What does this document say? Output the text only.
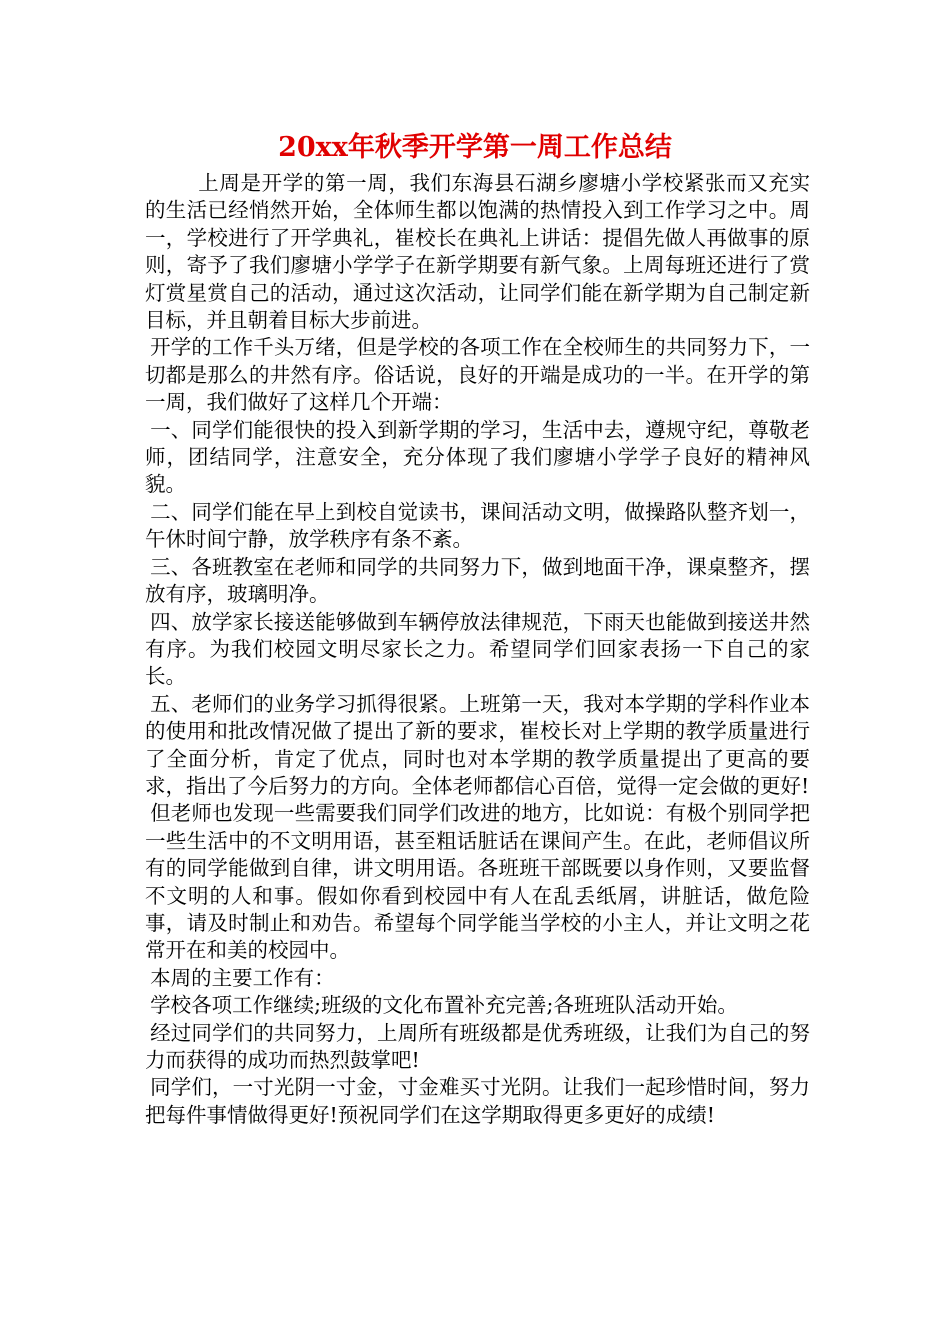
20xx年秋季开学第一周工作总结

上周是开学的第一周，我们东海县石湖乡廖塘小学校紧张而又充实的生活已经悄然开始，全体师生都以饱满的热情投入到工作学习之中。周一，学校进行了开学典礼，崔校长在典礼上讲话：提倡先做人再做事的原则，寄予了我们廖塘小学学子在新学期要有新气象。上周每班还进行了赏灯赏星赏自己的活动，通过这次活动，让同学们能在新学期为自己制定新目标，并且朝着目标大步前进。

开学的工作千头万绪，但是学校的各项工作在全校师生的共同努力下，一切都是那么的井然有序。俗话说，良好的开端是成功的一半。在开学的第一周，我们做好了这样几个开端：

一、同学们能很快的投入到新学期的学习，生活中去，遵规守纪，尊敬老师，团结同学，注意安全，充分体现了我们廖塘小学学子良好的精神风貌。

二、同学们能在早上到校自觉读书，课间活动文明，做操路队整齐划一，午休时间宁静，放学秩序有条不紊。

三、各班教室在老师和同学的共同努力下，做到地面干净，课桌整齐，摆放有序，玻璃明净。

四、放学家长接送能够做到车辆停放法律规范，下雨天也能做到接送井然有序。为我们校园文明尽家长之力。希望同学们回家表扬一下自己的家长。

五、老师们的业务学习抓得很紧。上班第一天，我对本学期的学科作业本的使用和批改情况做了提出了新的要求，崔校长对上学期的教学质量进行了全面分析，肯定了优点，同时也对本学期的教学质量提出了更高的要求，指出了今后努力的方向。全体老师都信心百倍，觉得一定会做的更好!

但老师也发现一些需要我们同学们改进的地方，比如说：有极个别同学把一些生活中的不文明用语，甚至粗话脏话在课间产生。在此，老师倡议所有的同学能做到自律，讲文明用语。各班班干部既要以身作则，又要监督不文明的人和事。假如你看到校园中有人在乱丢纸屑，讲脏话，做危险事，请及时制止和劝告。希望每个同学能当学校的小主人，并让文明之花常开在和美的校园中。

本周的主要工作有：

学校各项工作继续;班级的文化布置补充完善;各班班队活动开始。

经过同学们的共同努力，上周所有班级都是优秀班级，让我们为自己的努力而获得的成功而热烈鼓掌吧!

同学们，一寸光阴一寸金，寸金难买寸光阴。让我们一起珍惜时间，努力把每件事情做得更好!预祝同学们在这学期取得更多更好的成绩!
